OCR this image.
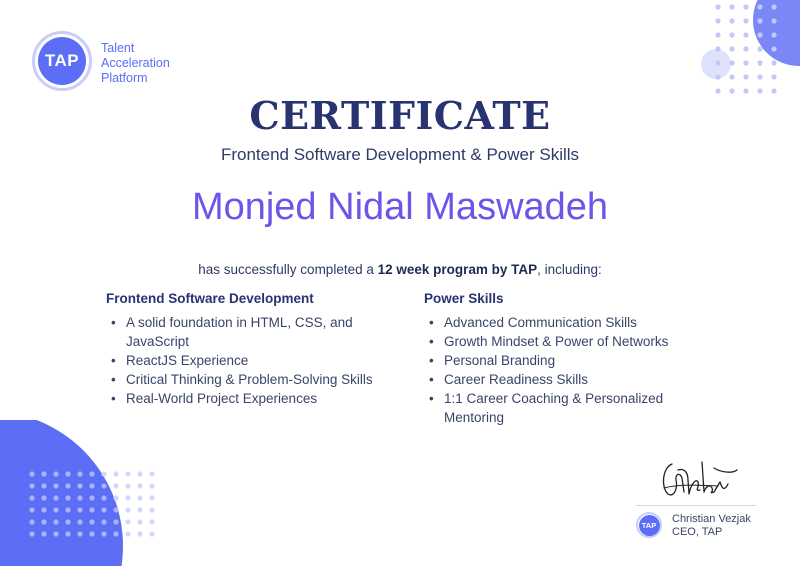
TAP
Talent
Acceleration
Platform
CERTIFICATE
Frontend Software Development & Power Skills
Monjed Nidal Maswadeh
has successfully completed a 12 week program by TAP, including:
Frontend Software Development
• A solid foundation in HTML, CSS, and JavaScript
• ReactJS Experience
• Critical Thinking & Problem-Solving Skills
• Real-World Project Experiences
Power Skills
• Advanced Communication Skills
• Growth Mindset & Power of Networks
• Personal Branding
• Career Readiness Skills
• 1:1 Career Coaching & Personalized Mentoring
TAP Christian Vezjak
CEO, TAP
